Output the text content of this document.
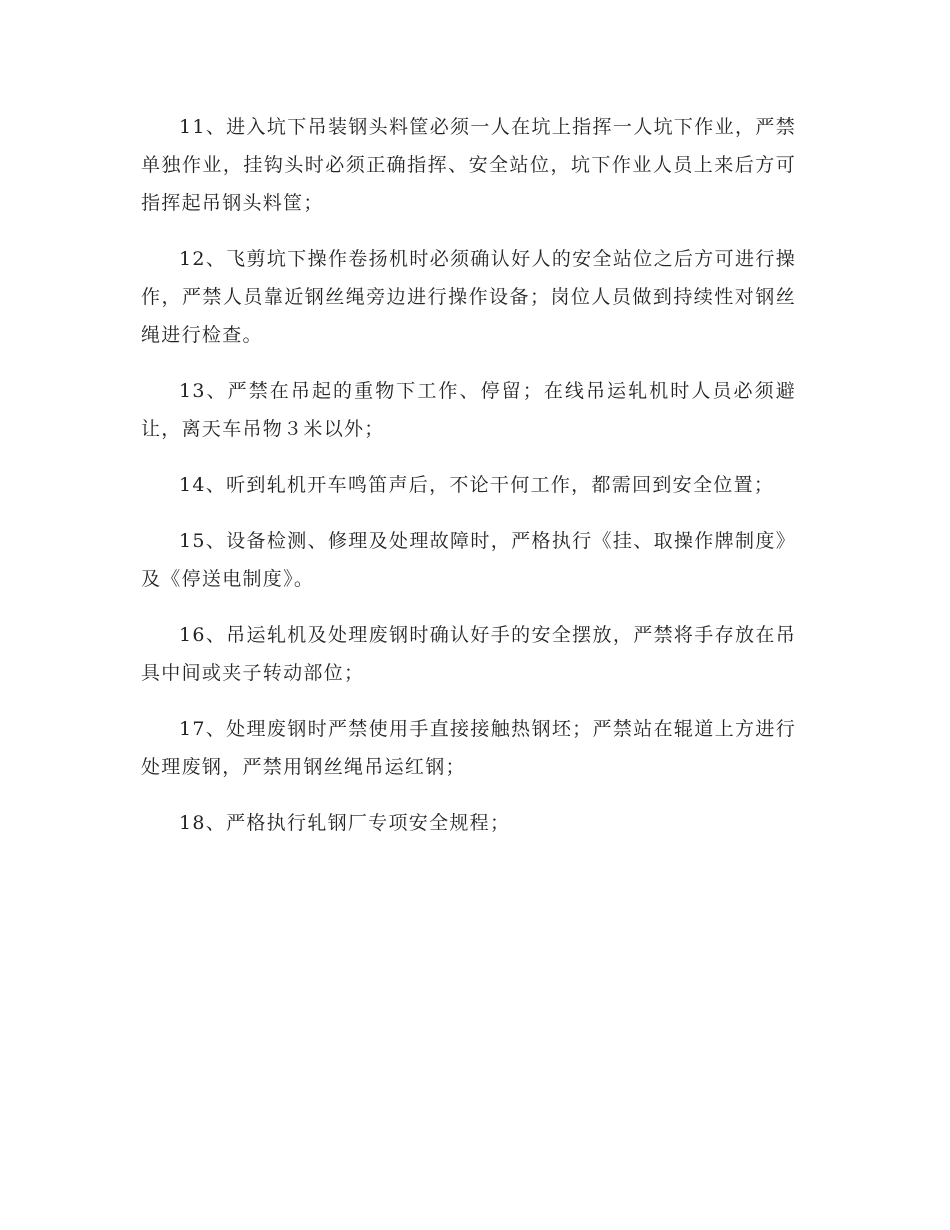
11、进入坑下吊装钢头料筐必须一人在坑上指挥一人坑下作业，严禁单独作业，挂钩头时必须正确指挥、安全站位，坑下作业人员上来后方可指挥起吊钢头料筐；

12、飞剪坑下操作卷扬机时必须确认好人的安全站位之后方可进行操作，严禁人员靠近钢丝绳旁边进行操作设备；岗位人员做到持续性对钢丝绳进行检查。

13、严禁在吊起的重物下工作、停留；在线吊运轧机时人员必须避让，离天车吊物３米以外；

14、听到轧机开车鸣笛声后，不论干何工作，都需回到安全位置；

15、设备检测、修理及处理故障时，严格执行《挂、取操作牌制度》及《停送电制度》。

16、吊运轧机及处理废钢时确认好手的安全摆放，严禁将手存放在吊具中间或夹子转动部位；

17、处理废钢时严禁使用手直接接触热钢坯；严禁站在辊道上方进行处理废钢，严禁用钢丝绳吊运红钢；

18、严格执行轧钢厂专项安全规程；
